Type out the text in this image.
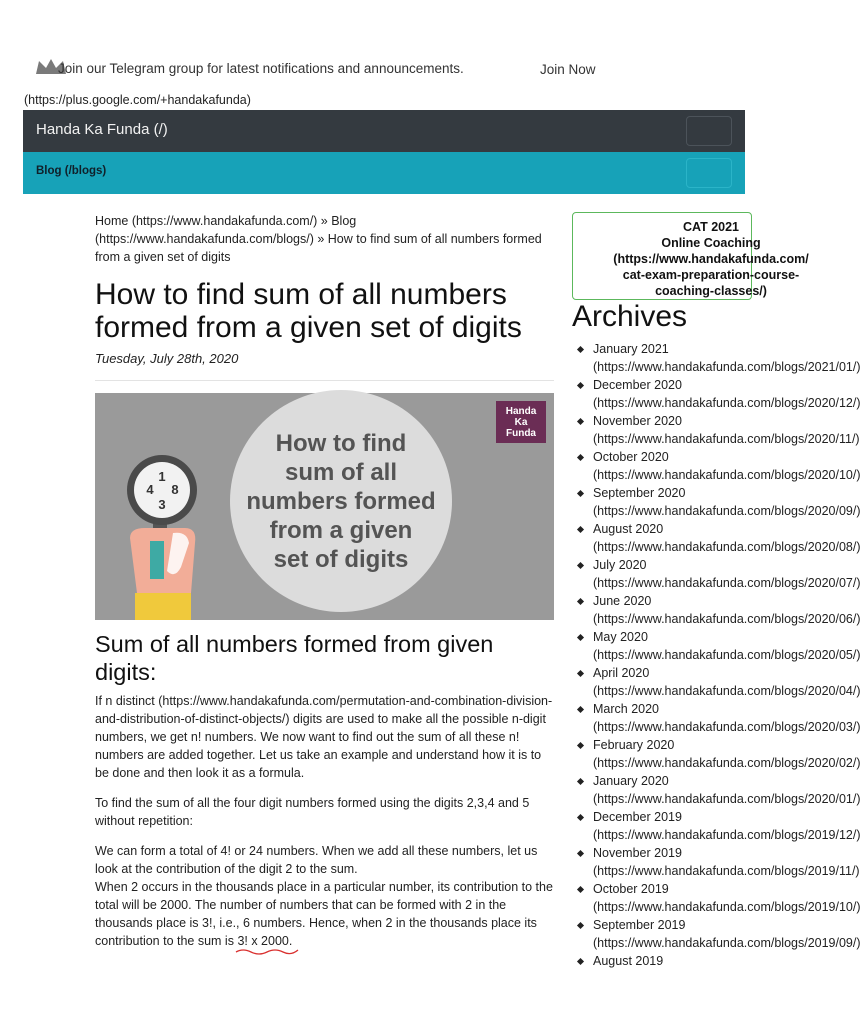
Join our Telegram group for latest notifications and announcements.	Join Now
(https://plus.google.com/+handakafunda)
Handa Ka Funda (/)
Blog (/blogs)
Home (https://www.handakafunda.com/) » Blog (https://www.handakafunda.com/blogs/) » How to find sum of all numbers formed from a given set of digits
How to find sum of all numbers formed from a given set of digits
Tuesday, July 28th, 2020
Handa
Ka
Funda
How to find
sum of all
numbers formed
from a given
set of digits
1
4 8
3
Sum of all numbers formed from given digits:

If n distinct (https://www.handakafunda.com/permutation-and-combination-division-and-distribution-of-distinct-objects/) digits are used to make all the possible n-digit numbers, we get n! numbers. We now want to find out the sum of all these n! numbers are added together. Let us take an example and understand how it is to be done and then look it as a formula.

To find the sum of all the four digit numbers formed using the digits 2,3,4 and 5 without repetition:

We can form a total of 4! or 24 numbers. When we add all these numbers, let us look at the contribution of the digit 2 to the sum.
When 2 occurs in the thousands place in a particular number, its contribution to the total will be 2000. The number of numbers that can be formed with 2 in the thousands place is 3!, i.e., 6 numbers. Hence, when 2 in the thousands place its contribution to the sum is 3! x 2000.

CAT 2021
Online Coaching
(https://www.handakafunda.com/
cat-exam-preparation-course-
coaching-classes/)
Archives
January 2021
(https://www.handakafunda.com/blogs/2021/01/)
December 2020
(https://www.handakafunda.com/blogs/2020/12/)
November 2020
(https://www.handakafunda.com/blogs/2020/11/)
October 2020
(https://www.handakafunda.com/blogs/2020/10/)
September 2020
(https://www.handakafunda.com/blogs/2020/09/)
August 2020
(https://www.handakafunda.com/blogs/2020/08/)
July 2020
(https://www.handakafunda.com/blogs/2020/07/)
June 2020
(https://www.handakafunda.com/blogs/2020/06/)
May 2020
(https://www.handakafunda.com/blogs/2020/05/)
April 2020
(https://www.handakafunda.com/blogs/2020/04/)
March 2020
(https://www.handakafunda.com/blogs/2020/03/)
February 2020
(https://www.handakafunda.com/blogs/2020/02/)
January 2020
(https://www.handakafunda.com/blogs/2020/01/)
December 2019
(https://www.handakafunda.com/blogs/2019/12/)
November 2019
(https://www.handakafunda.com/blogs/2019/11/)
October 2019
(https://www.handakafunda.com/blogs/2019/10/)
September 2019
(https://www.handakafunda.com/blogs/2019/09/)
August 2019
